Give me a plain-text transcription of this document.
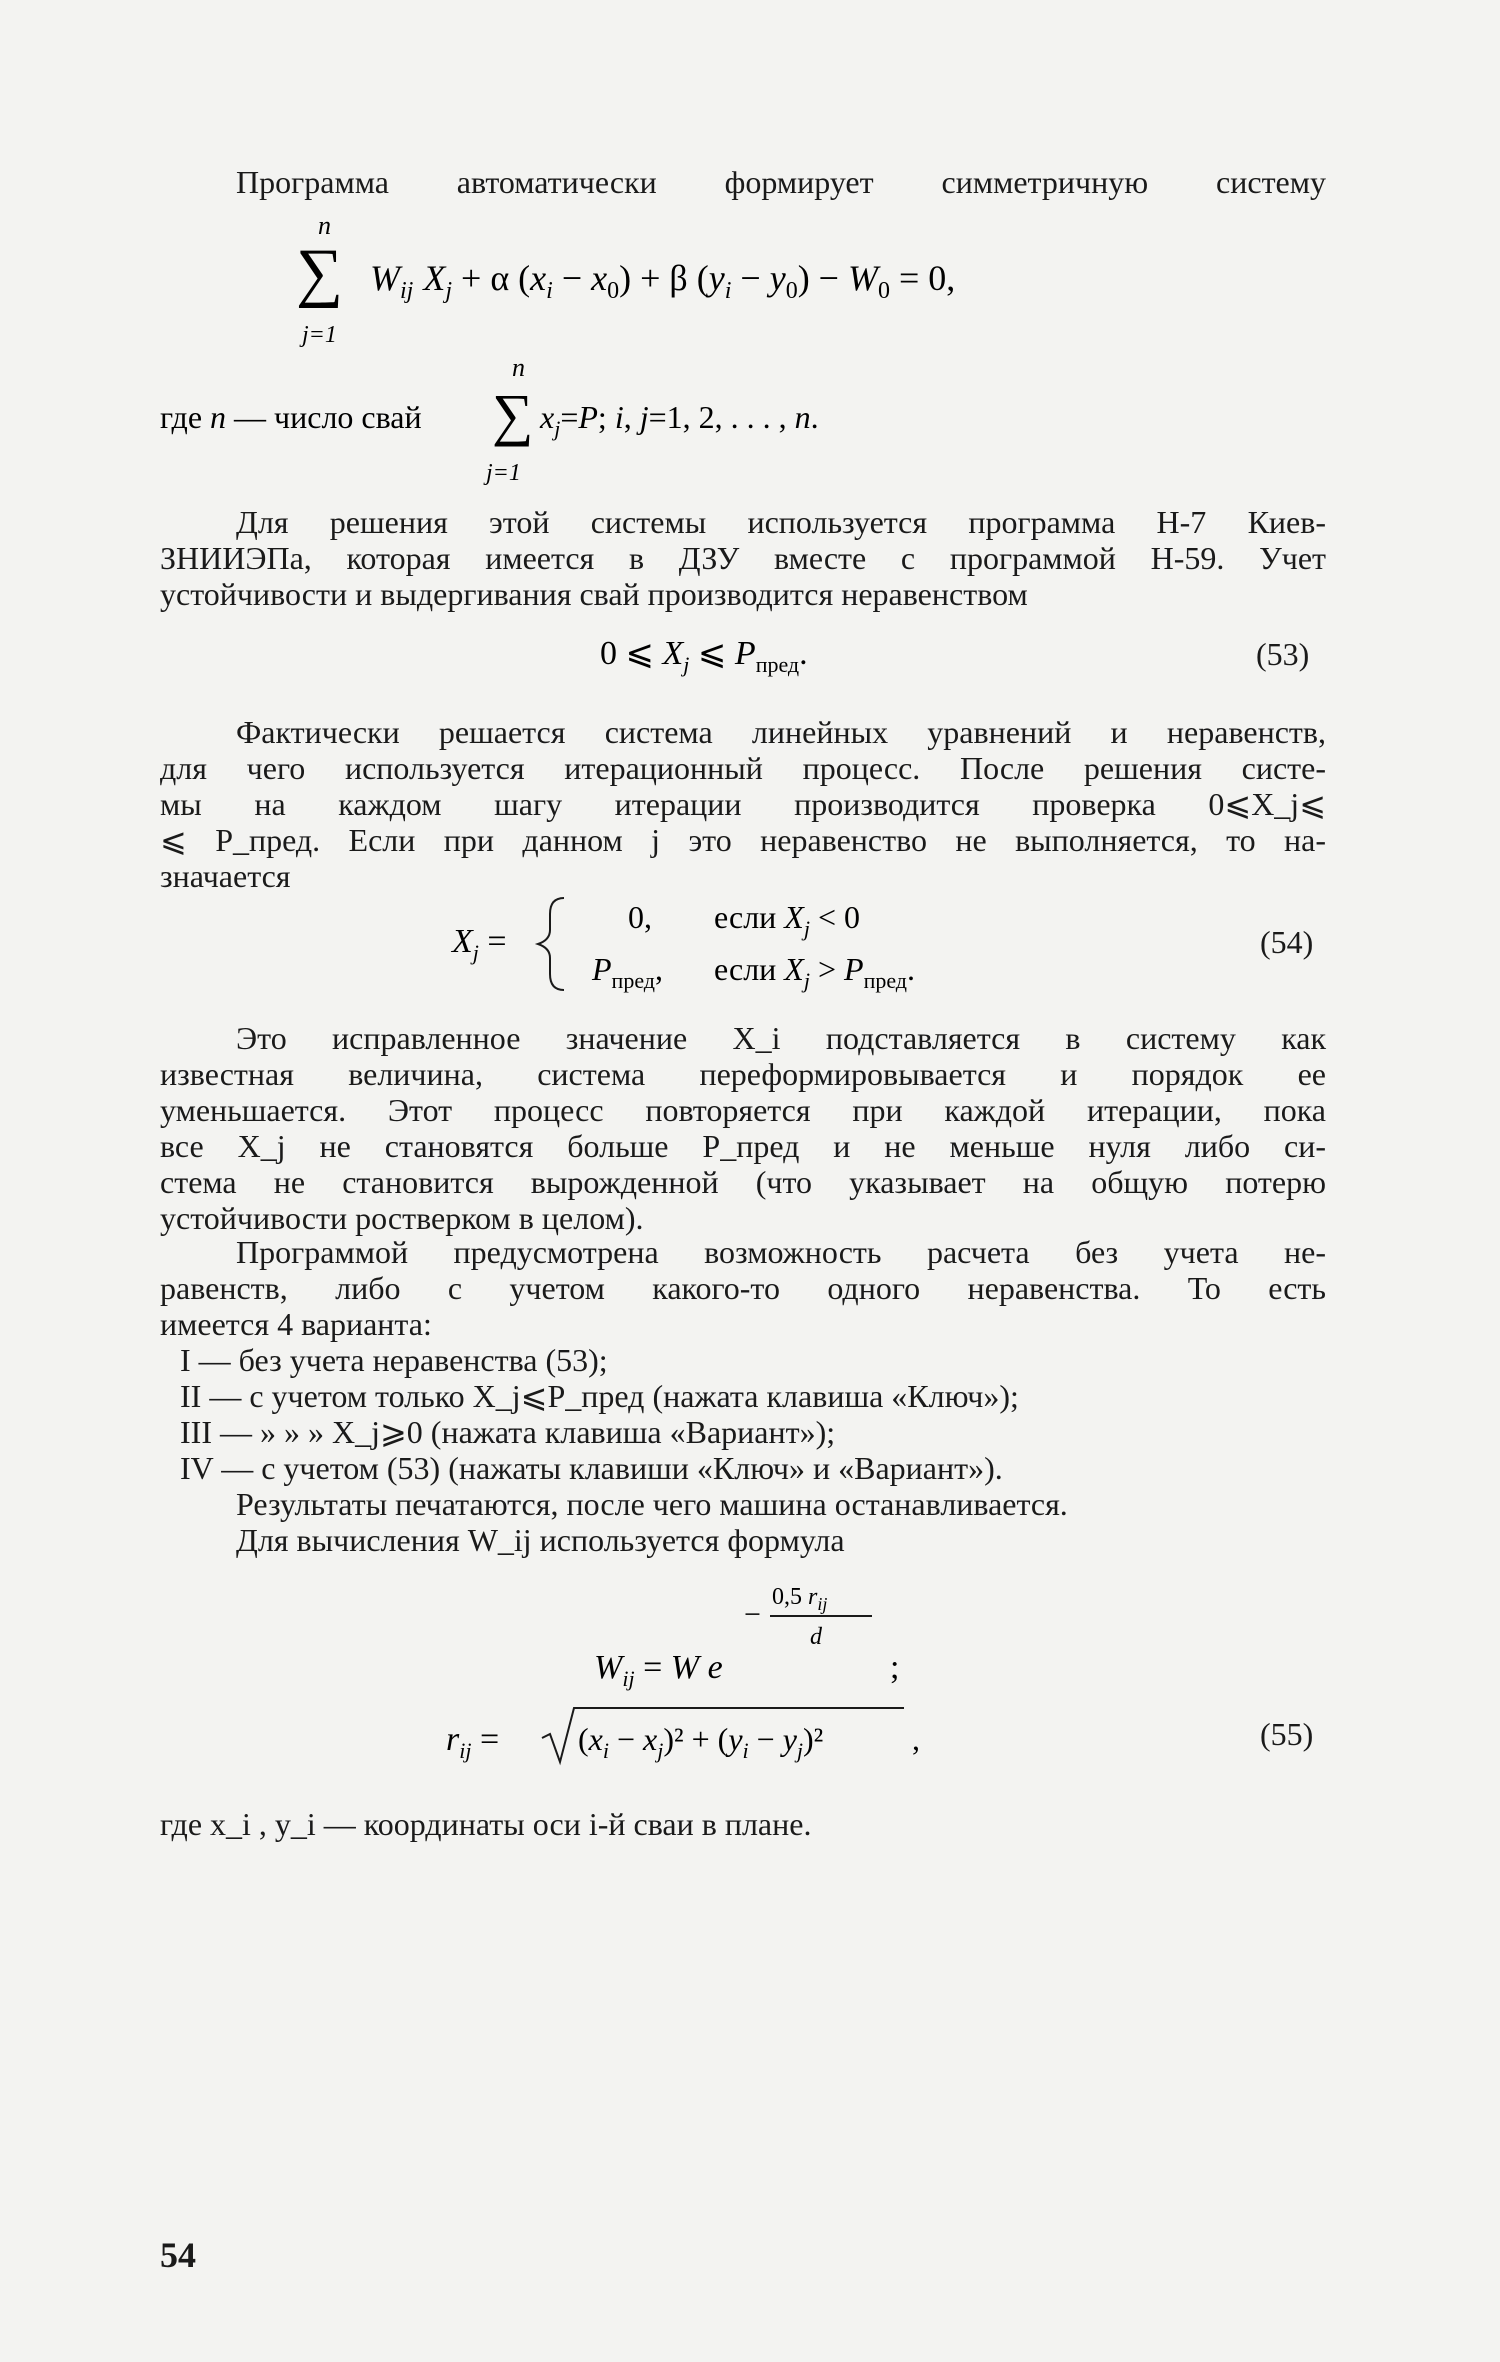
Программа автоматически формирует симметричную систему
n
∑
j=1
$W_{ij}$ $X_j + \alpha$ $(x_i - x_0) + \beta$ $(y_i - y_0) - W_0 = 0$,
где n — число свай
n
∑
j=1
$x_j=P$; i, j=1, 2, . . . , n.
Для решения этой системы используется программа Н-7 Киев-
ЗНИИЭПа, которая имеется в ДЗУ вместе с программой Н-59. Учет
устойчивости и выдергивания свай производится неравенством
0 ⩽ $X_j$ ⩽ $P_{пред}$.	(53)
Фактически решается система линейных уравнений и неравенств,
для чего используется итерационный процесс. После решения систе-
мы на каждом шагу итерации производится проверка 0⩽X_j⩽
⩽ P_пред. Если при данном j это неравенство не выполняется, то на-
значается
$X_j$ =
0, если $X_j < 0$
$P_{пред}$, если $X_j > P_{пред}$.
(54)
Это исправленное значение X_i подставляется в систему как
известная величина, система переформировывается и порядок ее
уменьшается. Этот процесс повторяется при каждой итерации, пока
все X_j не становятся больше P_пред и не меньше нуля либо си-
стема не становится вырожденной (что указывает на общую потерю
устойчивости ростверком в целом).
Программой предусмотрена возможность расчета без учета не-
равенств, либо с учетом какого-то одного неравенства. То есть
имеется 4 варианта:
I — без учета неравенства (53);
II — с учетом только X_j⩽P_пред (нажата клавиша «Ключ»);
III — » » » X_j⩾0 (нажата клавиша «Вариант»);
IV — с учетом (53) (нажаты клавиши «Ключ» и «Вариант»).
Результаты печатаются, после чего машина останавливается.
Для вычисления W_ij используется формула
$W_{ij} = W$ e
−
0,5 $r_{ij}$
d
;
$r_{ij} = (x_i - x_j)^2 + (y_i - y_j)^2$	,	(55)
где x_i , y_i — координаты оси i-й сваи в плане.
54
